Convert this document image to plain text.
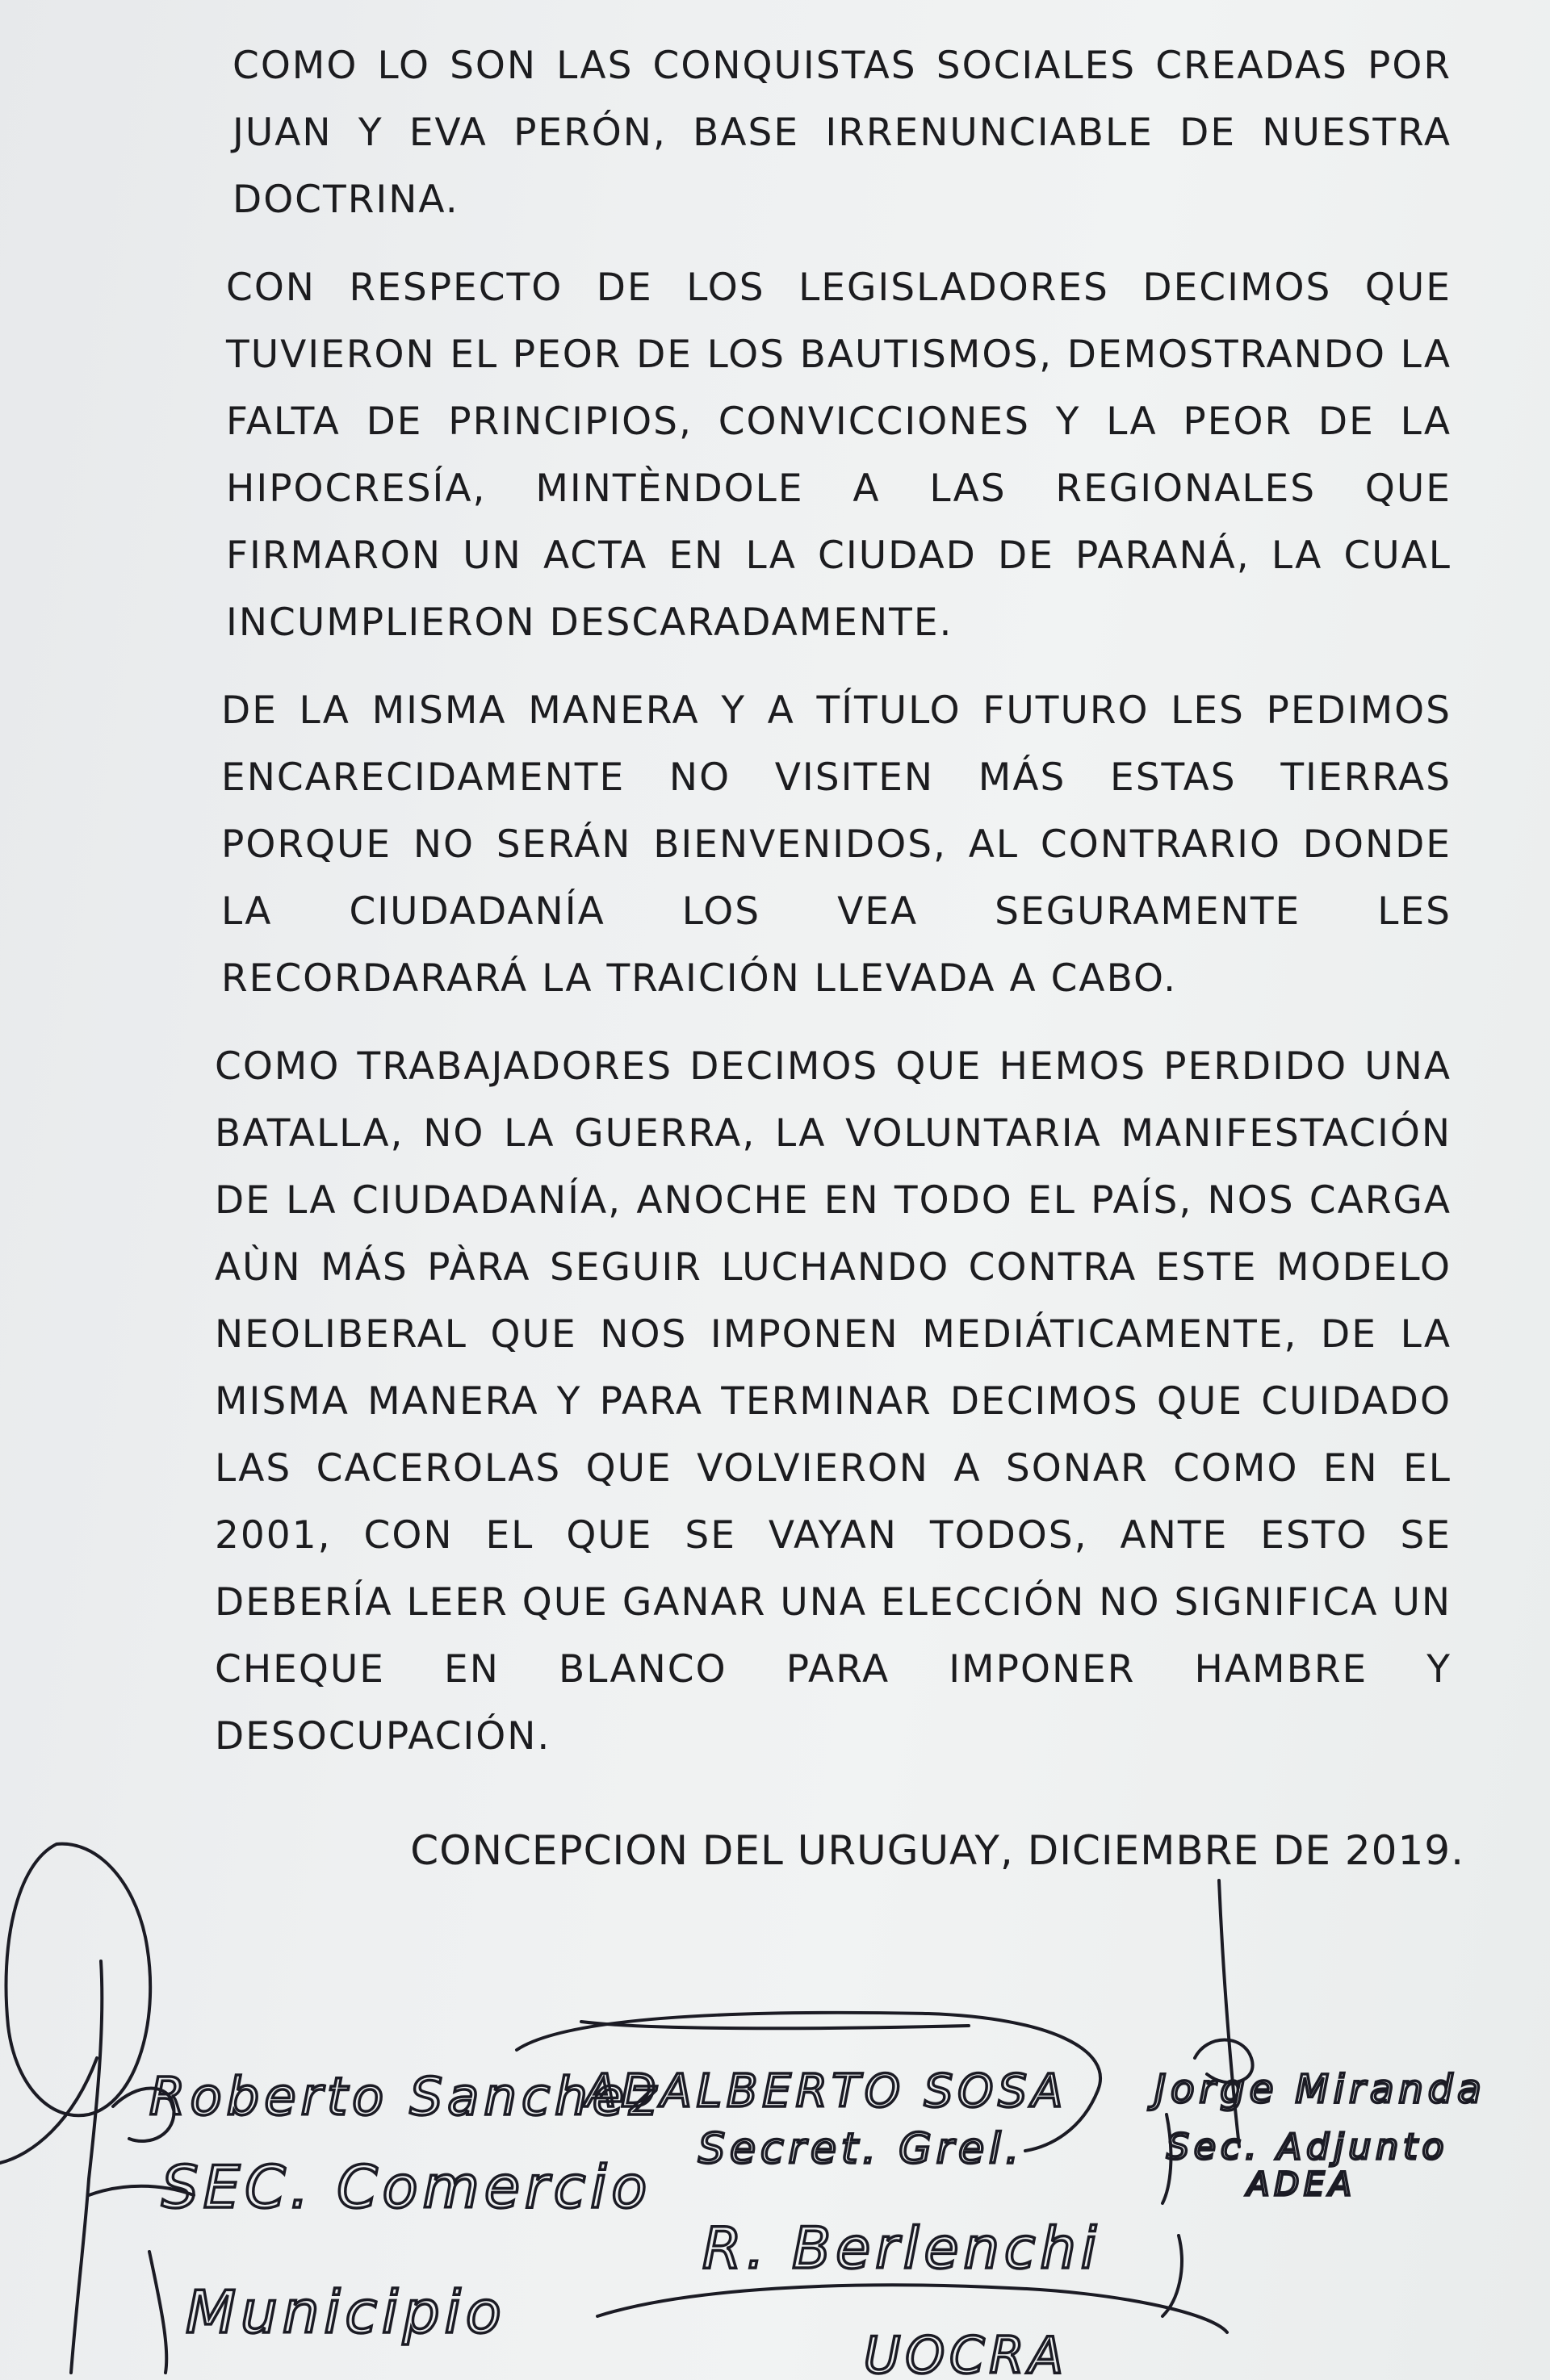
COMO LO SON LAS CONQUISTAS SOCIALES CREADAS POR JUAN Y EVA PERÓN, BASE IRRENUNCIABLE DE NUESTRA DOCTRINA.

CON RESPECTO DE LOS LEGISLADORES DECIMOS QUE TUVIERON EL PEOR DE LOS BAUTISMOS, DEMOSTRANDO LA FALTA DE PRINCIPIOS, CONVICCIONES Y LA PEOR DE LA HIPOCRESÍA, MINTÈNDOLE A LAS REGIONALES QUE FIRMARON UN ACTA EN LA CIUDAD DE PARANÁ, LA CUAL INCUMPLIERON DESCARADAMENTE.

DE LA MISMA MANERA Y A TÍTULO FUTURO LES PEDIMOS ENCARECIDAMENTE NO VISITEN MÁS ESTAS TIERRAS PORQUE NO SERÁN BIENVENIDOS, AL CONTRARIO DONDE LA CIUDADANÍA LOS VEA SEGURAMENTE LES RECORDARARÁ LA TRAICIÓN LLEVADA A CABO.

COMO TRABAJADORES DECIMOS QUE HEMOS PERDIDO UNA BATALLA, NO LA GUERRA, LA VOLUNTARIA MANIFESTACIÓN DE LA CIUDADANÍA, ANOCHE EN TODO EL PAÍS, NOS CARGA AÙN MÁS PÀRA SEGUIR LUCHANDO CONTRA ESTE MODELO NEOLIBERAL QUE NOS IMPONEN MEDIÁTICAMENTE, DE LA MISMA MANERA Y PARA TERMINAR DECIMOS QUE CUIDADO LAS CACEROLAS QUE VOLVIERON A SONAR COMO EN EL 2001, CON EL QUE SE VAYAN TODOS, ANTE ESTO SE DEBERÍA LEER QUE GANAR UNA ELECCIÓN NO SIGNIFICA UN CHEQUE EN BLANCO PARA IMPONER HAMBRE Y DESOCUPACIÓN.

CONCEPCION DEL URUGUAY, DICIEMBRE DE 2019.
Roberto Sanchez
SEC. Comercio
Municipio
ADALBERTO SOSA
Secret. Grel.
R. Berlenchi
UOCRA
Jorge Miranda
Sec. Adjunto
ADEA
